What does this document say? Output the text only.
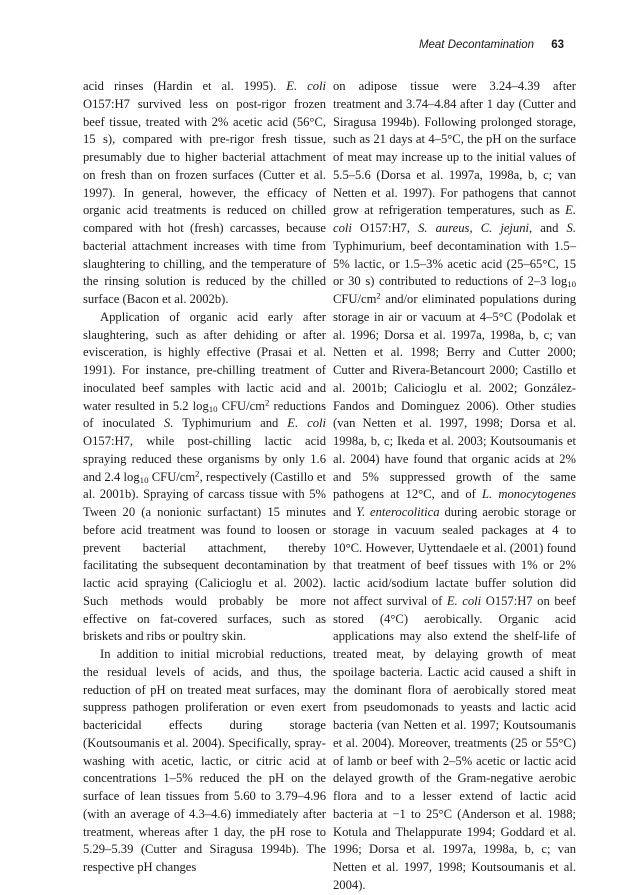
Meat Decontamination 63

acid rinses (Hardin et al. 1995). E. coli O157:H7 survived less on post-rigor frozen beef tissue, treated with 2% acetic acid (56°C, 15 s), compared with pre-rigor fresh tissue, presumably due to higher bacterial attachment on fresh than on frozen surfaces (Cutter et al. 1997). In general, however, the efficacy of organic acid treatments is reduced on chilled compared with hot (fresh) carcasses, because bacterial attachment increases with time from slaughtering to chilling, and the temperature of the rinsing solution is reduced by the chilled surface (Bacon et al. 2002b).

Application of organic acid early after slaughtering, such as after dehiding or after evisceration, is highly effective (Prasai et al. 1991). For instance, pre-chilling treatment of inoculated beef samples with lactic acid and water resulted in 5.2 $\log_{10} CFU/cm^2$ reductions of inoculated S. Typhimurium and E. coli O157:H7, while post-chilling lactic acid spraying reduced these organisms by only 1.6 and 2.4 $\log_{10} CFU/cm^2$, respectively (Castillo et al. 2001b). Spraying of carcass tissue with 5% Tween 20 (a nonionic surfactant) 15 minutes before acid treatment was found to loosen or prevent bacterial attachment, thereby facilitating the subsequent decontamination by lactic acid spraying (Calicioglu et al. 2002). Such methods would probably be more effective on fat-covered surfaces, such as briskets and ribs or poultry skin.

In addition to initial microbial reductions, the residual levels of acids, and thus, the reduction of pH on treated meat surfaces, may suppress pathogen proliferation or even exert bactericidal effects during storage (Koutsoumanis et al. 2004). Specifically, spray-washing with acetic, lactic, or citric acid at concentrations 1–5% reduced the pH on the surface of lean tissues from 5.60 to 3.79–4.96 (with an average of 4.3–4.6) immediately after treatment, whereas after 1 day, the pH rose to 5.29–5.39 (Cutter and Siragusa 1994b). The respective pH changes

on adipose tissue were 3.24–4.39 after treatment and 3.74–4.84 after 1 day (Cutter and Siragusa 1994b). Following prolonged storage, such as 21 days at 4–5°C, the pH on the surface of meat may increase up to the initial values of 5.5–5.6 (Dorsa et al. 1997a, 1998a, b, c; van Netten et al. 1997). For pathogens that cannot grow at refrigeration temperatures, such as E. coli O157:H7, S. aureus, C. jejuni, and S. Typhimurium, beef decontamination with 1.5–5% lactic, or 1.5–3% acetic acid (25–65°C, 15 or 30 s) contributed to reductions of 2–3 $\log_{10} CFU/cm^2$ and/or eliminated populations during storage in air or vacuum at 4–5°C (Podolak et al. 1996; Dorsa et al. 1997a, 1998a, b, c; van Netten et al. 1998; Berry and Cutter 2000; Cutter and Rivera-Betancourt 2000; Castillo et al. 2001b; Calicioglu et al. 2002; González-Fandos and Dominguez 2006). Other studies (van Netten et al. 1997, 1998; Dorsa et al. 1998a, b, c; Ikeda et al. 2003; Koutsoumanis et al. 2004) have found that organic acids at 2% and 5% suppressed growth of the same pathogens at 12°C, and of L. monocytogenes and Y. enterocolitica during aerobic storage or storage in vacuum sealed packages at 4 to 10°C. However, Uyttendaele et al. (2001) found that treatment of beef tissues with 1% or 2% lactic acid/sodium lactate buffer solution did not affect survival of E. coli O157:H7 on beef stored (4°C) aerobically. Organic acid applications may also extend the shelf-life of treated meat, by delaying growth of meat spoilage bacteria. Lactic acid caused a shift in the dominant flora of aerobically stored meat from pseudomonads to yeasts and lactic acid bacteria (van Netten et al. 1997; Koutsoumanis et al. 2004). Moreover, treatments (25 or 55°C) of lamb or beef with 2–5% acetic or lactic acid delayed growth of the Gram-negative aerobic flora and to a lesser extend of lactic acid bacteria at −1 to 25°C (Anderson et al. 1988; Kotula and Thelappurate 1994; Goddard et al. 1996; Dorsa et al. 1997a, 1998a, b, c; van Netten et al. 1997, 1998; Koutsoumanis et al. 2004).
